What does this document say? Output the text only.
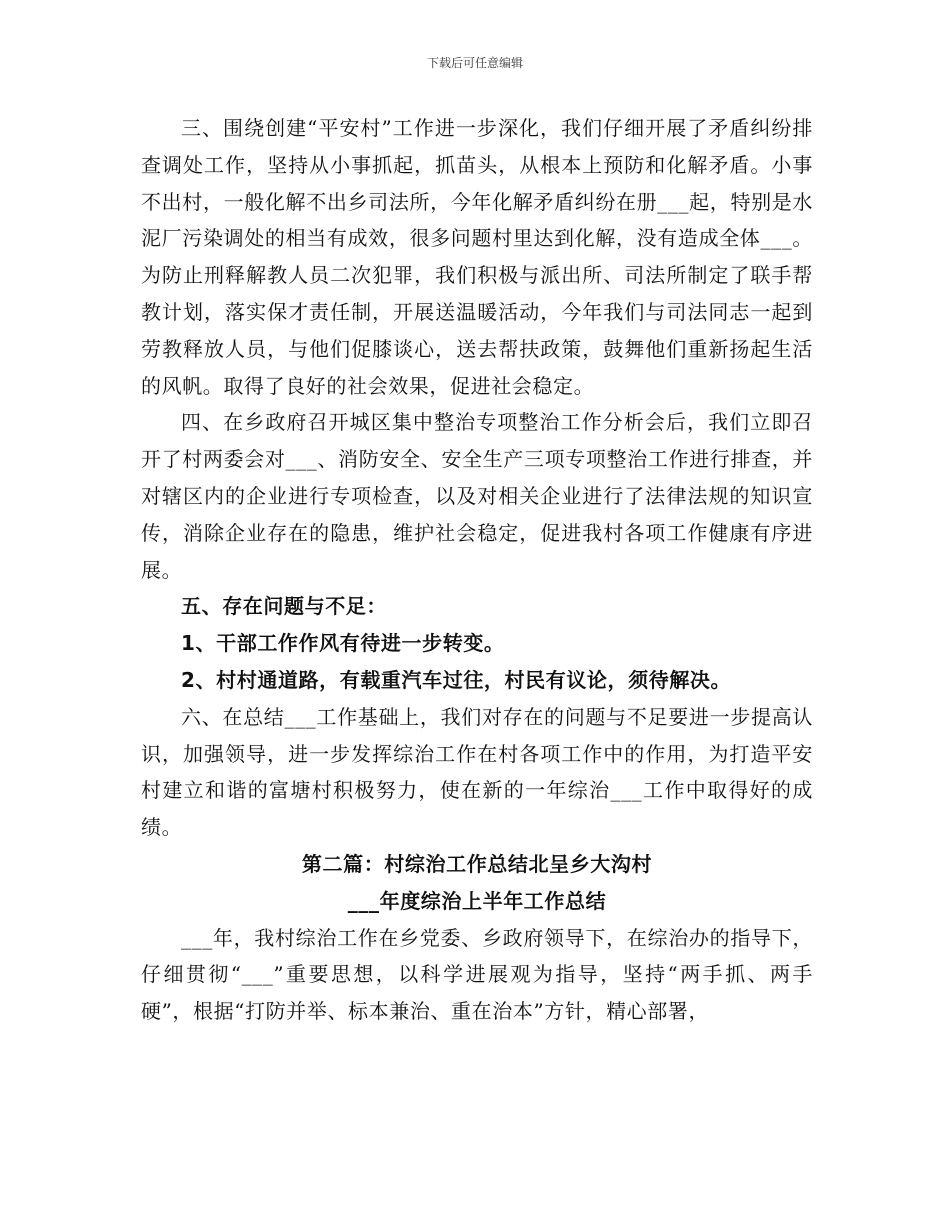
下载后可任意编辑

三、围绕创建“平安村”工作进一步深化，我们仔细开展了矛盾纠纷排查调处工作，坚持从小事抓起，抓苗头，从根本上预防和化解矛盾。小事不出村，一般化解不出乡司法所，今年化解矛盾纠纷在册___起，特别是水泥厂污染调处的相当有成效，很多问题村里达到化解，没有造成全体___。为防止刑释解教人员二次犯罪，我们积极与派出所、司法所制定了联手帮教计划，落实保才责任制，开展送温暖活动，今年我们与司法同志一起到劳教释放人员，与他们促膝谈心，送去帮扶政策，鼓舞他们重新扬起生活的风帆。取得了良好的社会效果，促进社会稳定。

四、在乡政府召开城区集中整治专项整治工作分析会后，我们立即召开了村两委会对___、消防安全、安全生产三项专项整治工作进行排查，并对辖区内的企业进行专项检查，以及对相关企业进行了法律法规的知识宣传，消除企业存在的隐患，维护社会稳定，促进我村各项工作健康有序进展。

五、存在问题与不足：

1、干部工作作风有待进一步转变。

2、村村通道路，有载重汽车过往，村民有议论，须待解决。

六、在总结___工作基础上，我们对存在的问题与不足要进一步提高认识，加强领导，进一步发挥综治工作在村各项工作中的作用，为打造平安村建立和谐的富塘村积极努力，使在新的一年综治___工作中取得好的成绩。

第二篇：村综治工作总结北呈乡大沟村

___年度综治上半年工作总结

___年，我村综治工作在乡党委、乡政府领导下，在综治办的指导下，仔细贯彻“___”重要思想，以科学进展观为指导，坚持“两手抓、两手硬”，根据“打防并举、标本兼治、重在治本”方针，精心部署，
